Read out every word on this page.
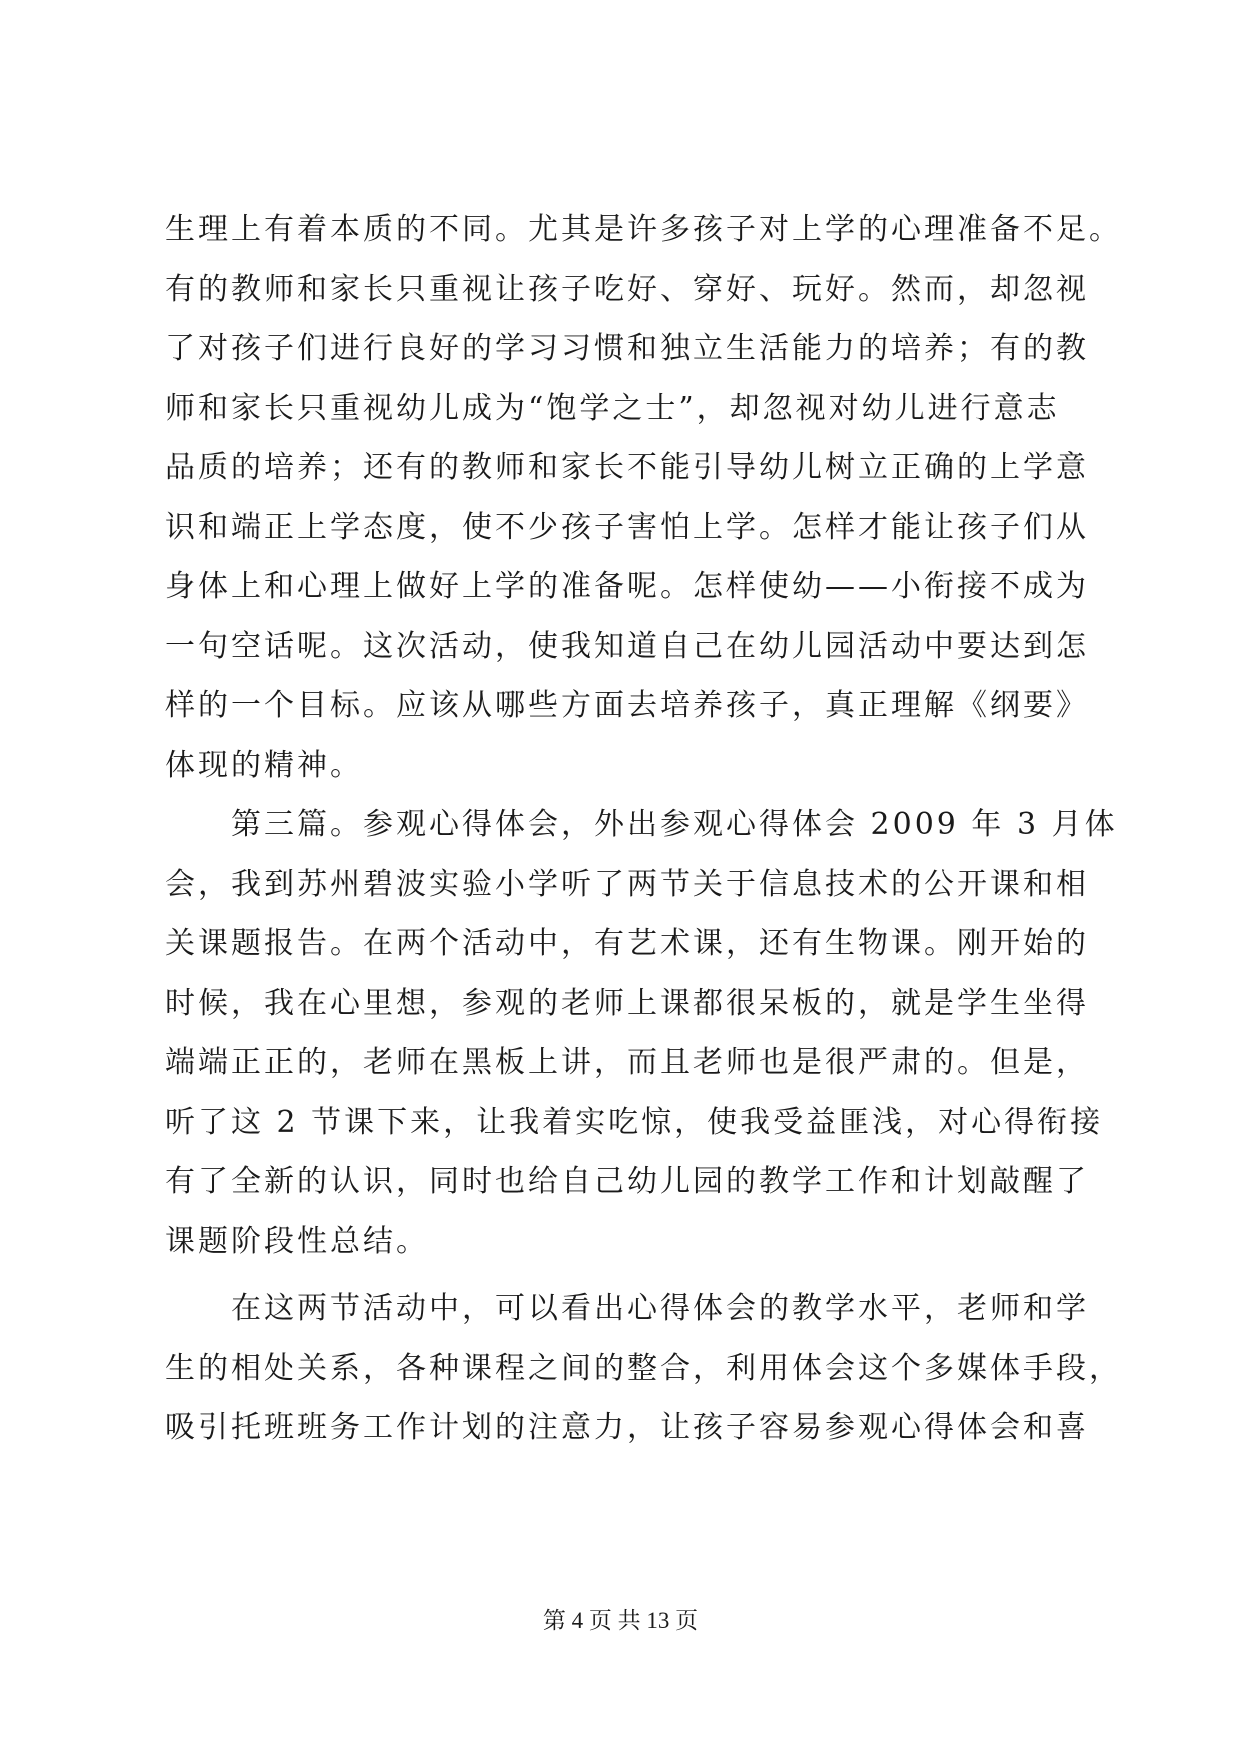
生理上有着本质的不同。尤其是许多孩子对上学的心理准备不足。
有的教师和家长只重视让孩子吃好、穿好、玩好。然而，却忽视
了对孩子们进行良好的学习习惯和独立生活能力的培养；有的教
师和家长只重视幼儿成为“饱学之士”，却忽视对幼儿进行意志
品质的培养；还有的教师和家长不能引导幼儿树立正确的上学意
识和端正上学态度，使不少孩子害怕上学。怎样才能让孩子们从
身体上和心理上做好上学的准备呢。怎样使幼——小衔接不成为
一句空话呢。这次活动，使我知道自己在幼儿园活动中要达到怎
样的一个目标。应该从哪些方面去培养孩子，真正理解《纲要》
体现的精神。
　　第三篇。参观心得体会，外出参观心得体会 2009 年 3 月体
会，我到苏州碧波实验小学听了两节关于信息技术的公开课和相
关课题报告。在两个活动中，有艺术课，还有生物课。刚开始的
时候，我在心里想，参观的老师上课都很呆板的，就是学生坐得
端端正正的，老师在黑板上讲，而且老师也是很严肃的。但是，
听了这 2 节课下来，让我着实吃惊，使我受益匪浅，对心得衔接
有了全新的认识，同时也给自己幼儿园的教学工作和计划敲醒了
课题阶段性总结。
　　在这两节活动中，可以看出心得体会的教学水平，老师和学
生的相处关系，各种课程之间的整合，利用体会这个多媒体手段，
吸引托班班务工作计划的注意力，让孩子容易参观心得体会和喜
第 4 页 共 13 页
